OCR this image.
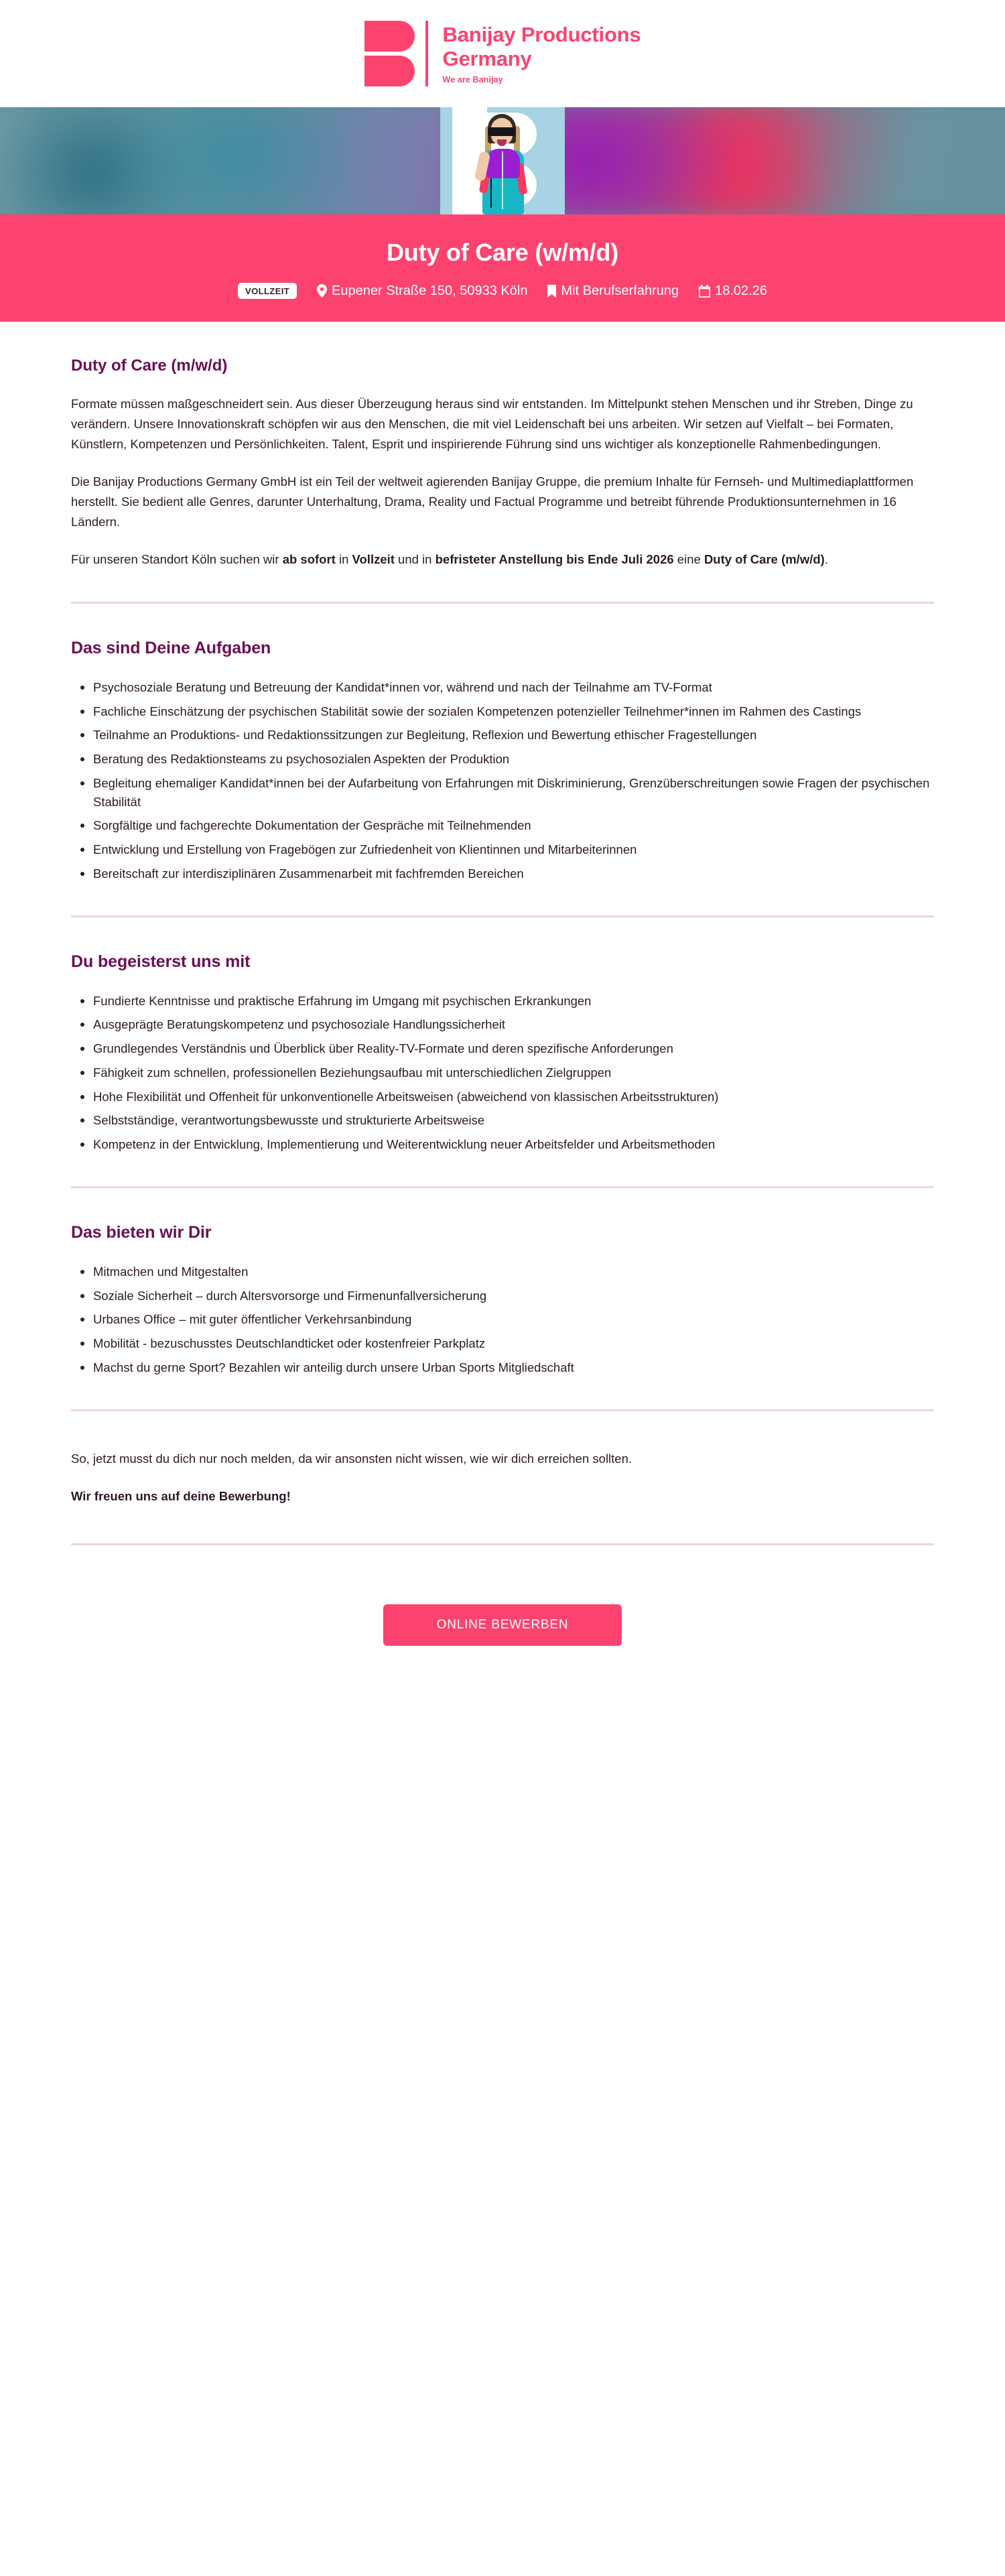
Banijay Productions
Germany
We are Banijay
Duty of Care (w/m/d)
VOLLZEIT	Eupener Straße 150, 50933 Köln	Mit Berufserfahrung	18.02.26
Duty of Care (m/w/d)

Formate müssen maßgeschneidert sein. Aus dieser Überzeugung heraus sind wir entstanden. Im Mittelpunkt stehen Menschen und ihr Streben, Dinge zu verändern. Unsere Innovationskraft schöpfen wir aus den Menschen, die mit viel Leidenschaft bei uns arbeiten. Wir setzen auf Vielfalt – bei Formaten, Künstlern, Kompetenzen und Persönlichkeiten. Talent, Esprit und inspirierende Führung sind uns wichtiger als konzeptionelle Rahmenbedingungen.

Die Banijay Productions Germany GmbH ist ein Teil der weltweit agierenden Banijay Gruppe, die premium Inhalte für Fernseh- und Multimediaplattformen herstellt. Sie bedient alle Genres, darunter Unterhaltung, Drama, Reality und Factual Programme und betreibt führende Produktionsunternehmen in 16 Ländern.

Für unseren Standort Köln suchen wir ab sofort in Vollzeit und in befristeter Anstellung bis Ende Juli 2026 eine Duty of Care (m/w/d).

Das sind Deine Aufgaben
Psychosoziale Beratung und Betreuung der Kandidat*innen vor, während und nach der Teilnahme am TV-Format
Fachliche Einschätzung der psychischen Stabilität sowie der sozialen Kompetenzen potenzieller Teilnehmer*innen im Rahmen des Castings
Teilnahme an Produktions- und Redaktionssitzungen zur Begleitung, Reflexion und Bewertung ethischer Fragestellungen
Beratung des Redaktionsteams zu psychosozialen Aspekten der Produktion
Begleitung ehemaliger Kandidat*innen bei der Aufarbeitung von Erfahrungen mit Diskriminierung, Grenzüberschreitungen sowie Fragen der psychischen Stabilität
Sorgfältige und fachgerechte Dokumentation der Gespräche mit Teilnehmenden
Entwicklung und Erstellung von Fragebögen zur Zufriedenheit von Klientinnen und Mitarbeiterinnen
Bereitschaft zur interdisziplinären Zusammenarbeit mit fachfremden Bereichen
Du begeisterst uns mit
Fundierte Kenntnisse und praktische Erfahrung im Umgang mit psychischen Erkrankungen
Ausgeprägte Beratungskompetenz und psychosoziale Handlungssicherheit
Grundlegendes Verständnis und Überblick über Reality-TV-Formate und deren spezifische Anforderungen
Fähigkeit zum schnellen, professionellen Beziehungsaufbau mit unterschiedlichen Zielgruppen
Hohe Flexibilität und Offenheit für unkonventionelle Arbeitsweisen (abweichend von klassischen Arbeitsstrukturen)
Selbstständige, verantwortungsbewusste und strukturierte Arbeitsweise
Kompetenz in der Entwicklung, Implementierung und Weiterentwicklung neuer Arbeitsfelder und Arbeitsmethoden
Das bieten wir Dir
Mitmachen und Mitgestalten
Soziale Sicherheit – durch Altersvorsorge und Firmenunfallversicherung
Urbanes Office – mit guter öffentlicher Verkehrsanbindung
Mobilität - bezuschusstes Deutschlandticket oder kostenfreier Parkplatz
Machst du gerne Sport? Bezahlen wir anteilig durch unsere Urban Sports Mitgliedschaft

So, jetzt musst du dich nur noch melden, da wir ansonsten nicht wissen, wie wir dich erreichen sollten.

Wir freuen uns auf deine Bewerbung!

ONLINE BEWERBEN
